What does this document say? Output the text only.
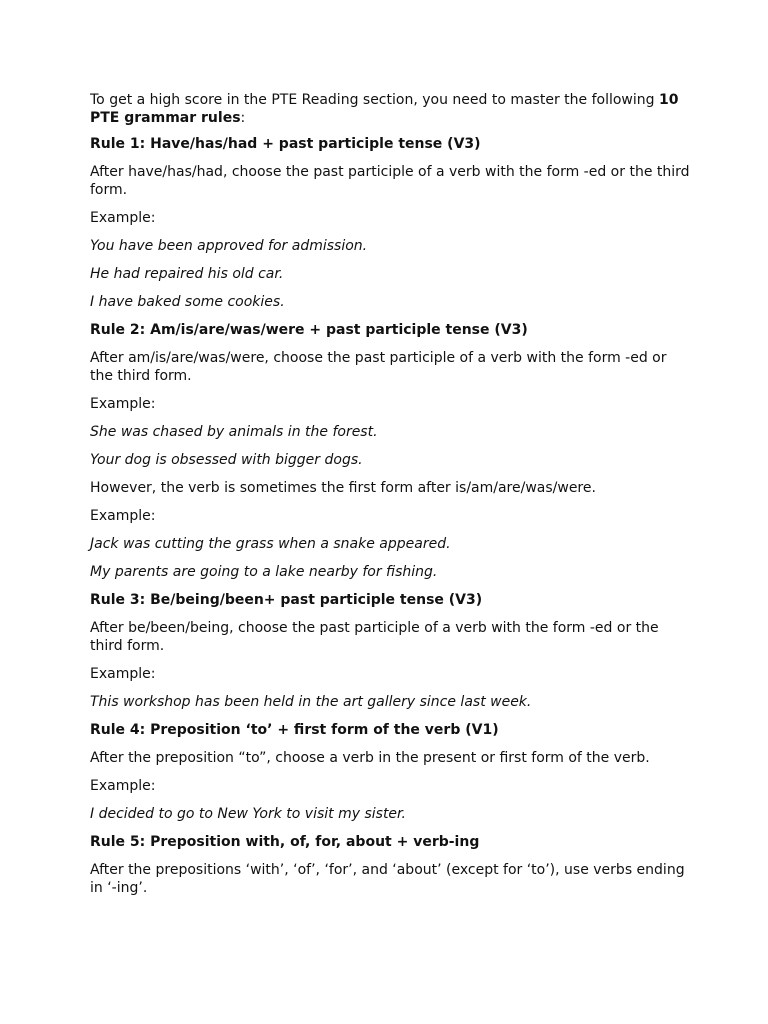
To get a high score in the PTE Reading section, you need to master the following 10 PTE grammar rules:

Rule 1: Have/has/had + past participle tense (V3)

After have/has/had, choose the past participle of a verb with the form -ed or the third form.

Example:

You have been approved for admission.

He had repaired his old car.

I have baked some cookies.

Rule 2: Am/is/are/was/were + past participle tense (V3)

After am/is/are/was/were, choose the past participle of a verb with the form -ed or the third form.

Example:

She was chased by animals in the forest.

Your dog is obsessed with bigger dogs.

However, the verb is sometimes the first form after is/am/are/was/were.

Example:

Jack was cutting the grass when a snake appeared.

My parents are going to a lake nearby for fishing.

Rule 3: Be/being/been+ past participle tense (V3)

After be/been/being, choose the past participle of a verb with the form -ed or the third form.

Example:

This workshop has been held in the art gallery since last week.

Rule 4: Preposition ‘to’ + first form of the verb (V1)

After the preposition “to”, choose a verb in the present or first form of the verb.

Example:

I decided to go to New York to visit my sister.

Rule 5: Preposition with, of, for, about + verb-ing

After the prepositions ‘with’, ‘of’, ‘for’, and ‘about’ (except for ‘to’), use verbs ending in ‘-ing’.
